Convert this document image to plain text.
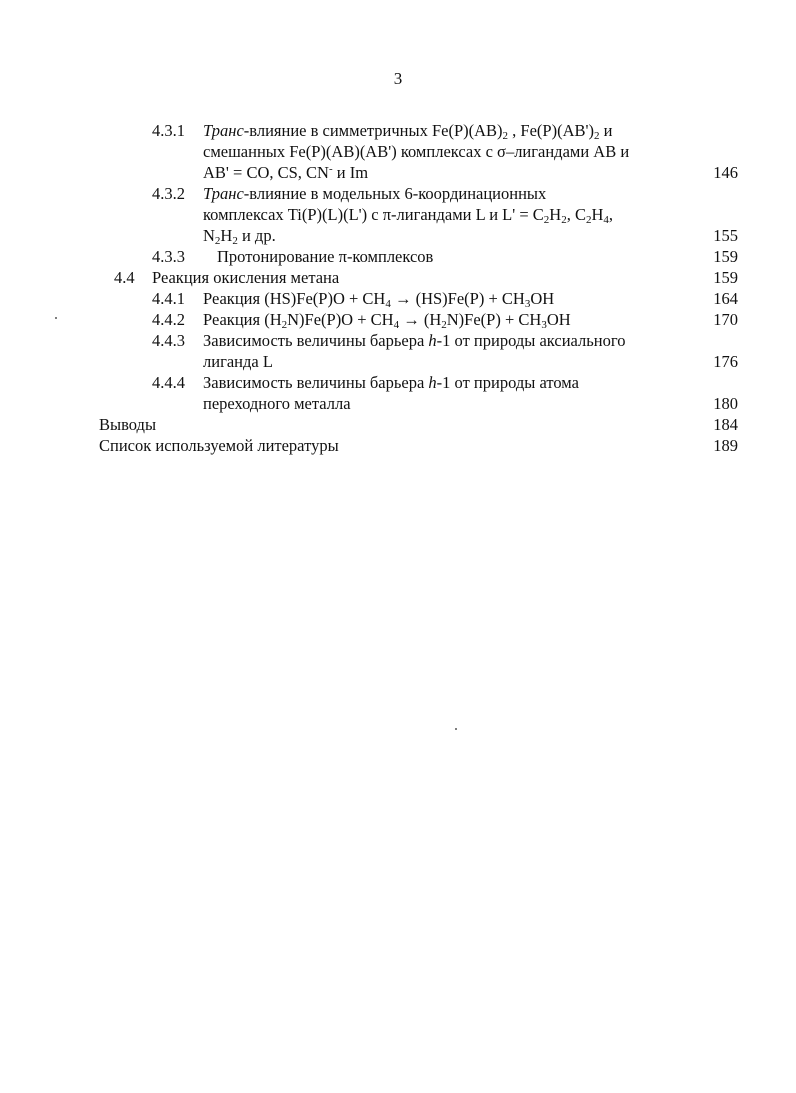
3
4.3.1 Транс-влияние в симметричных $Fe(P)(AB)_2$ , $Fe(P)(AB')_2$ и
смешанных Fe(P)(AB)(AB') комплексах с σ–лигандами AB и
AB' = CO, CS, CN- и Im	146
4.3.2 Транс-влияние в модельных 6-координационных
комплексах Ti(P)(L)(L') с π-лигандами L и $L' = C_2H_2$, $C_2H_4$,
$N_2H_2$ и др.	155
4.3.3 Протонирование π-комплексов	159
4.4 Реакция окисления метана	159
4.4.1 Реакция $(HS)Fe(P)O + CH_4 \to (HS)Fe(P) + CH_3OH$	164
4.4.2 Реакция $(H_2N)Fe(P)O + CH_4 \to (H_2N)Fe(P) + CH_3OH$	170
4.4.3 Зависимость величины барьера h-1 от природы аксиального
лиганда L	176
4.4.4 Зависимость величины барьера h-1 от природы атома
переходного металла	180
Выводы	184
Список используемой литературы	189
